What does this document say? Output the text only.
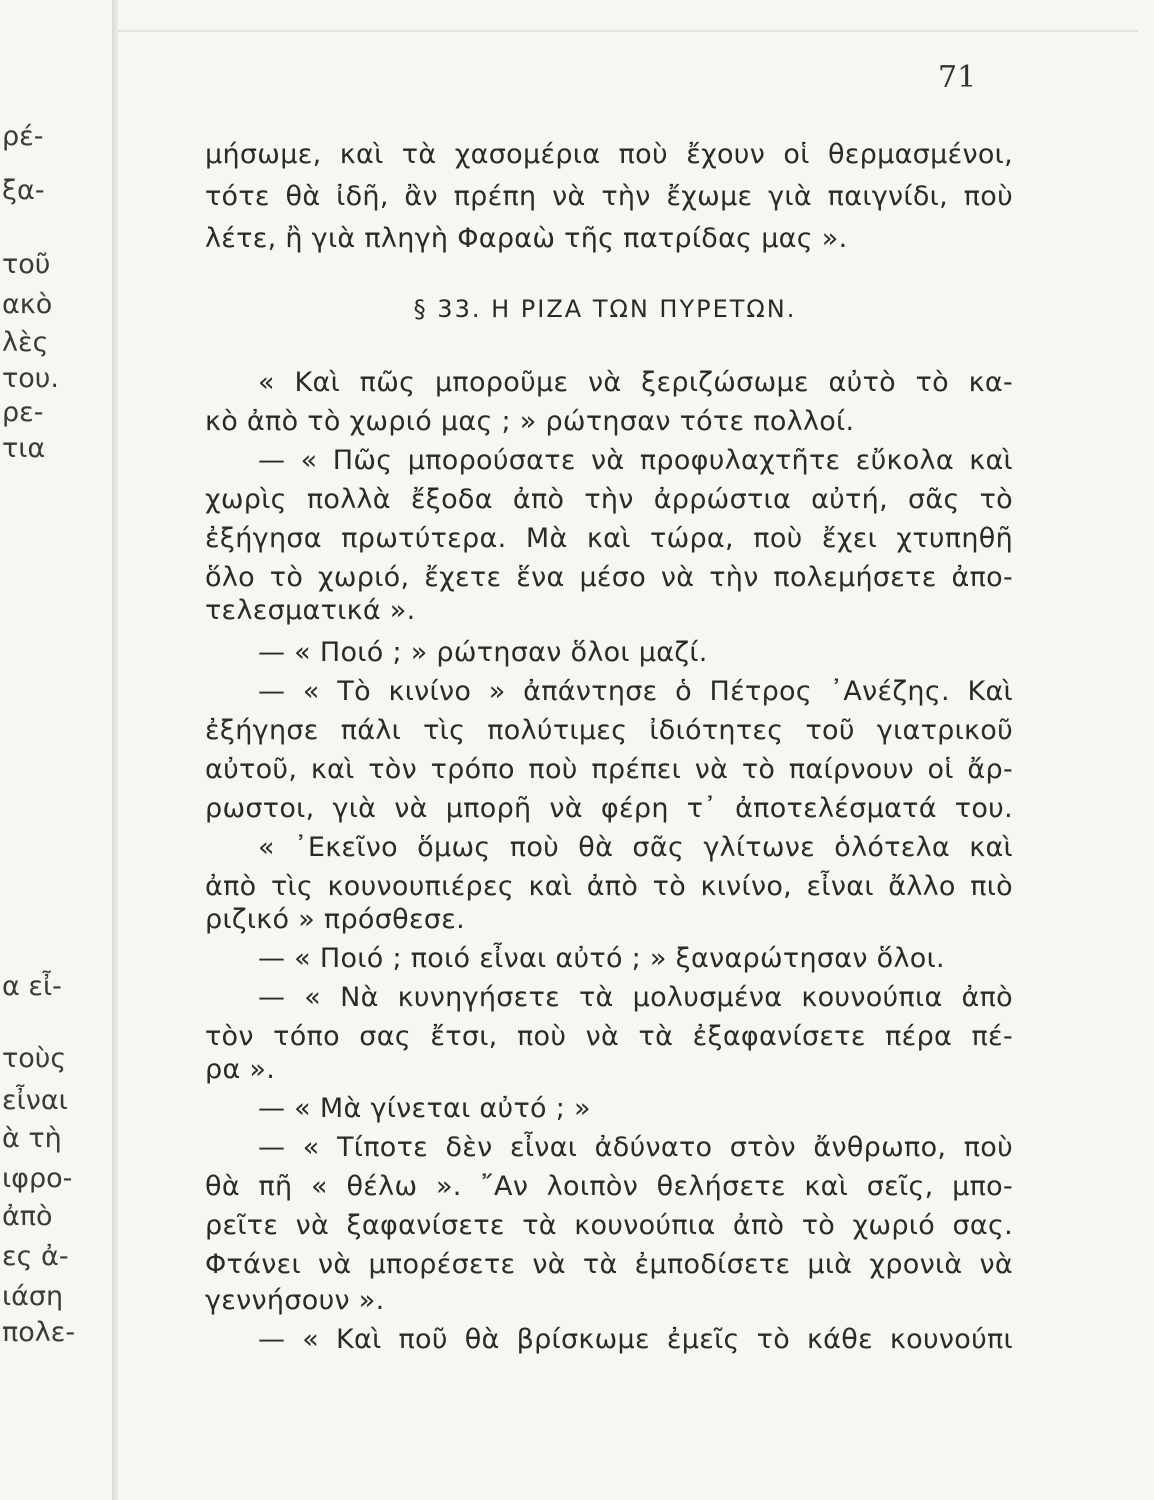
ρέ-
ξα-
τοῦ
ακὸ
λὲς
του.
ρε-
τια
α εἶ-
τοὺς
εἶναι
ὰ τὴ
ιφρο-
ἀπὸ
ες ἀ-
ιάση
πολε-
71
μήσωμε, καὶ τὰ χασομέρια ποὺ ἔχουν οἱ θερμασμένοι,
τότε θὰ ἰδῆ, ἂν πρέπη νὰ τὴν ἔχωμε γιὰ παιγνίδι, ποὺ
λέτε, ἢ γιὰ πληγὴ Φαραὼ τῆς πατρίδας μας ».
§ 33. Η ΡΙΖΑ ΤΩΝ ΠΥΡΕΤΩΝ.
« Καὶ πῶς μποροῦμε νὰ ξεριζώσωμε αὐτὸ τὸ κα-
κὸ ἀπὸ τὸ χωριό μας ; » ρώτησαν τότε πολλοί.
— « Πῶς μπορούσατε νὰ προφυλαχτῆτε εὔκολα καὶ
χωρὶς πολλὰ ἔξοδα ἀπὸ τὴν ἀρρώστια αὐτή, σᾶς τὸ
ἐξήγησα πρωτύτερα. Μὰ καὶ τώρα, ποὺ ἔχει χτυπηθῆ
ὅλο τὸ χωριό, ἔχετε ἕνα μέσο νὰ τὴν πολεμήσετε ἀπο-
τελεσματικά ».
— « Ποιό ; » ρώτησαν ὅλοι μαζί.
— « Τὸ κινίνο » ἀπάντησε ὁ Πέτρος ᾿Ανέζης. Καὶ
ἐξήγησε πάλι τὶς πολύτιμες ἰδιότητες τοῦ γιατρικοῦ
αὐτοῦ, καὶ τὸν τρόπο ποὺ πρέπει νὰ τὸ παίρνουν οἱ ἄρ-
ρωστοι, γιὰ νὰ μπορῆ νὰ φέρη τ᾽ ἀποτελέσματά του.
« ᾿Εκεῖνο ὅμως ποὺ θὰ σᾶς γλίτωνε ὁλότελα καὶ
ἀπὸ τὶς κουνουπιέρες καὶ ἀπὸ τὸ κινίνο, εἶναι ἄλλο πιὸ
ριζικό » πρόσθεσε.
— « Ποιό ; ποιό εἶναι αὐτό ; » ξαναρώτησαν ὅλοι.
— « Νὰ κυνηγήσετε τὰ μολυσμένα κουνούπια ἀπὸ
τὸν τόπο σας ἔτσι, ποὺ νὰ τὰ ἐξαφανίσετε πέρα πέ-
ρα ».
— « Μὰ γίνεται αὐτό ; »
— « Τίποτε δὲν εἶναι ἀδύνατο στὸν ἄνθρωπο, ποὺ
θὰ πῆ « θέλω ». ῎Αν λοιπὸν θελήσετε καὶ σεῖς, μπο-
ρεῖτε νὰ ξαφανίσετε τὰ κουνούπια ἀπὸ τὸ χωριό σας.
Φτάνει νὰ μπορέσετε νὰ τὰ ἐμποδίσετε μιὰ χρονιὰ νὰ
γεννήσουν ».
— « Καὶ ποῦ θὰ βρίσκωμε ἐμεῖς τὸ κάθε κουνούπι
